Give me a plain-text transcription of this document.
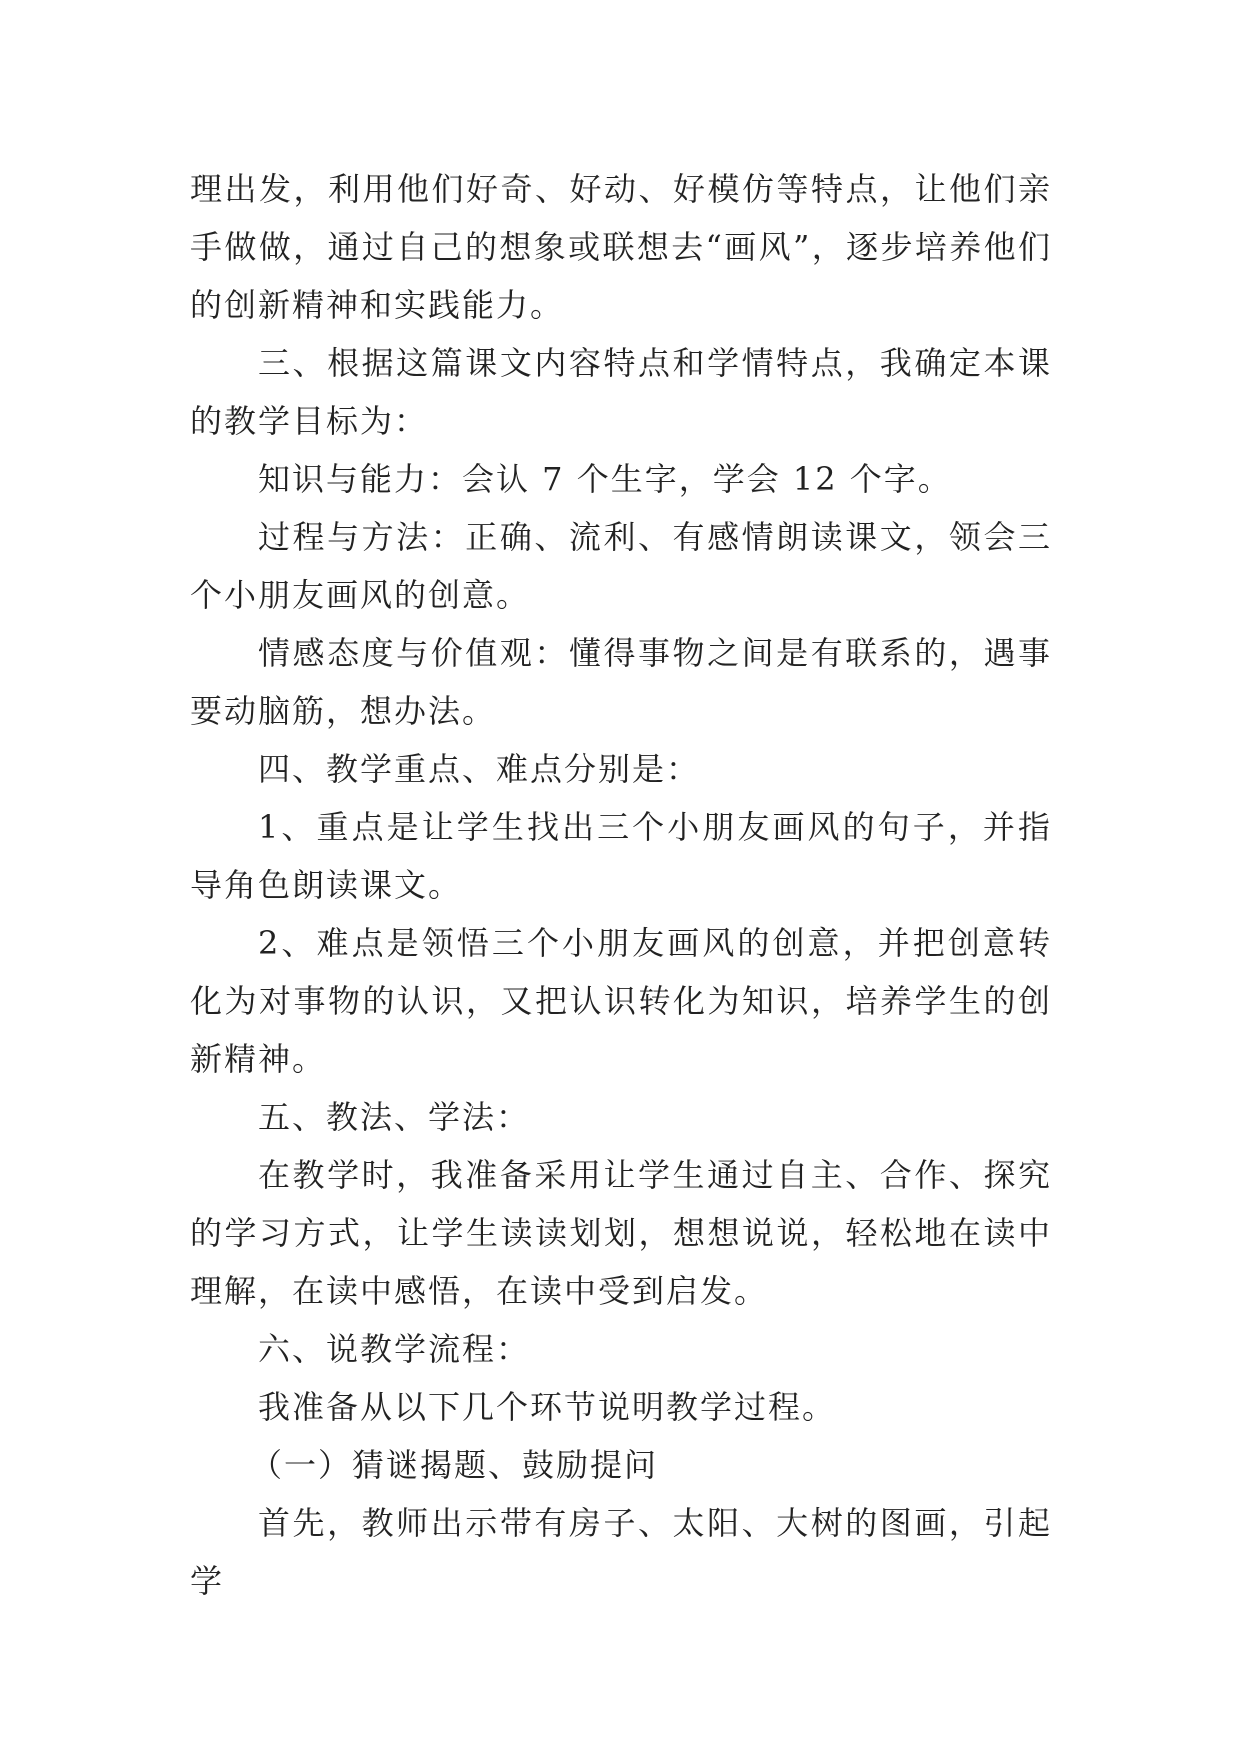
理出发，利用他们好奇、好动、好模仿等特点，让他们亲手做做，通过自己的想象或联想去“画风”，逐步培养他们的创新精神和实践能力。

三、根据这篇课文内容特点和学情特点，我确定本课的教学目标为：

知识与能力：会认 7 个生字，学会 12 个字。

过程与方法：正确、流利、有感情朗读课文，领会三个小朋友画风的创意。

情感态度与价值观：懂得事物之间是有联系的，遇事要动脑筋，想办法。

四、教学重点、难点分别是：

1、重点是让学生找出三个小朋友画风的句子，并指导角色朗读课文。

2、难点是领悟三个小朋友画风的创意，并把创意转化为对事物的认识，又把认识转化为知识，培养学生的创新精神。

五、教法、学法：

在教学时，我准备采用让学生通过自主、合作、探究的学习方式，让学生读读划划，想想说说，轻松地在读中理解，在读中感悟，在读中受到启发。

六、说教学流程：

我准备从以下几个环节说明教学过程。

（一）猜谜揭题、鼓励提问

首先，教师出示带有房子、太阳、大树的图画，引起学
